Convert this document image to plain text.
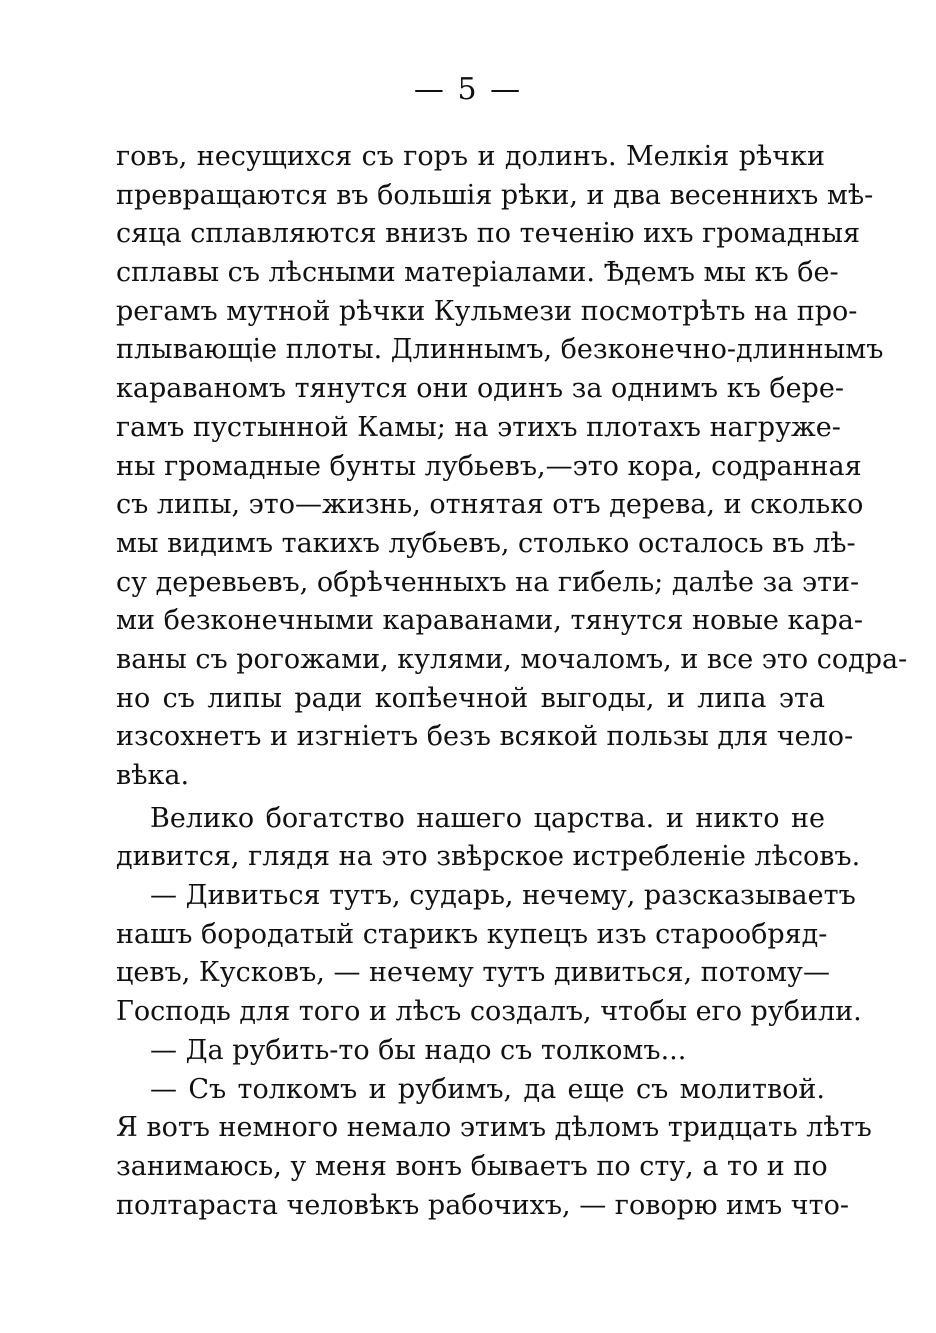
— 5 —
говъ, несущихся съ горъ и долинъ. Мелкія рѣчки
превращаются въ большія рѣки, и два весеннихъ мѣ-
сяца сплавляются внизъ по теченію ихъ громадныя
сплавы съ лѣсными матеріалами. Ѣдемъ мы къ бе-
регамъ мутной рѣчки Кульмези посмотрѣть на про-
плывающіе плоты. Длиннымъ, безконечно-длиннымъ
караваномъ тянутся они одинъ за однимъ къ бере-
гамъ пустынной Камы; на этихъ плотахъ нагруже-
ны громадные бунты лубьевъ,—это кора, содранная
съ липы, это—жизнь, отнятая отъ дерева, и сколько
мы видимъ такихъ лубьевъ, столько осталось въ лѣ-
су деревьевъ, обрѣченныхъ на гибель; далѣе за эти-
ми безконечными караванами, тянутся новые кара-
ваны съ рогожами, кулями, мочаломъ, и все это содра-
но съ липы ради копѣечной выгоды, и липа эта
изсохнетъ и изгніетъ безъ всякой пользы для чело-
вѣка.
Велико богатство нашего царства. и никто не
дивится, глядя на это звѣрское истребленіе лѣсовъ.
— Дивиться тутъ, сударь, нечему, разсказываетъ
нашъ бородатый старикъ купецъ изъ старообряд-
цевъ, Кусковъ, — нечему тутъ дивиться, потому—
Господь для того и лѣсъ создалъ, чтобы его рубили.
— Да рубить-то бы надо съ толкомъ...
— Съ толкомъ и рубимъ, да еще съ молитвой.
Я вотъ немного немало этимъ дѣломъ тридцать лѣтъ
занимаюсь, у меня вонъ бываетъ по сту, а то и по
полтараста человѣкъ рабочихъ, — говорю имъ что-
